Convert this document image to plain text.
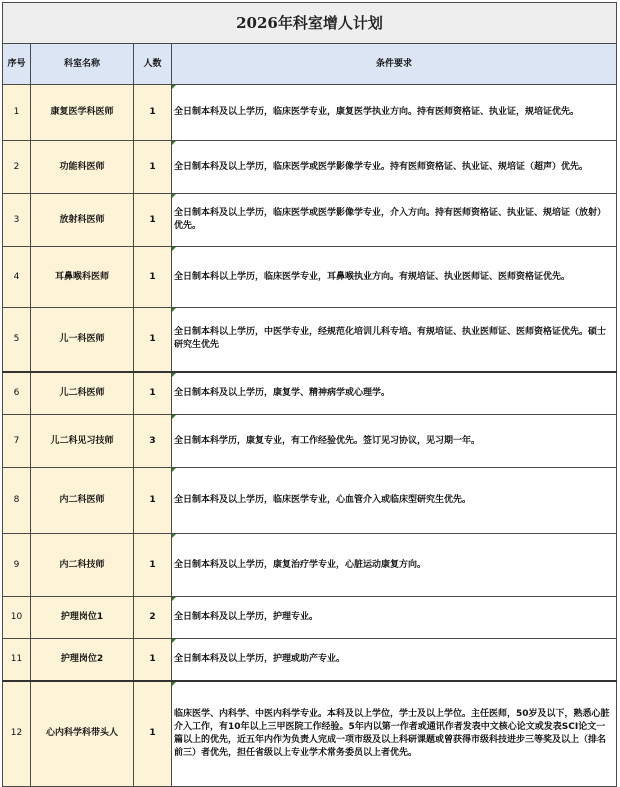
2026年科室增人计划			
序号	科室名称	人数	条件要求
1	康复医学科医师	1	全日制本科及以上学历，临床医学专业，康复医学执业方向。持有医师资格证、执业证，规培证优先。
2	功能科医师	1	全日制本科及以上学历，临床医学或医学影像学专业。持有医师资格证、执业证、规培证（超声）优先。
3	放射科医师	1	全日制本科及以上学历，临床医学或医学影像学专业，介入方向。持有医师资格证、执业证、规培证（放射）优先。
4	耳鼻喉科医师	1	全日制本科以上学历，临床医学专业，耳鼻喉执业方向。有规培证、执业医师证、医师资格证优先。
5	儿一科医师	1	全日制本科以上学历，中医学专业，经规范化培训儿科专培。有规培证、执业医师证、医师资格证优先。硕士研究生优先
6	儿二科医师	1	全日制本科及以上学历，康复学、精神病学或心理学。
7	儿二科见习技师	3	全日制本科学历，康复专业，有工作经验优先。签订见习协议，见习期一年。
8	内二科医师	1	全日制本科及以上学历，临床医学专业，心血管介入或临床型研究生优先。
9	内二科技师	1	全日制本科及以上学历，康复治疗学专业，心脏运动康复方向。
10	护理岗位1	2	全日制本科及以上学历，护理专业。
11	护理岗位2	1	全日制本科及以上学历，护理或助产专业。
12	心内科学科带头人	1	临床医学、内科学、中医内科学专业。本科及以上学位，学士及以上学位。主任医师，50岁及以下，熟悉心脏介入工作，有10年以上三甲医院工作经验。5年内以第一作者或通讯作者发表中文核心论文或发表SCI论文一篇以上的优先，近五年内作为负责人完成一项市级及以上科研课题或曾获得市级科技进步三等奖及以上（排名前三）者优先，担任省级以上专业学术常务委员以上者优先。
